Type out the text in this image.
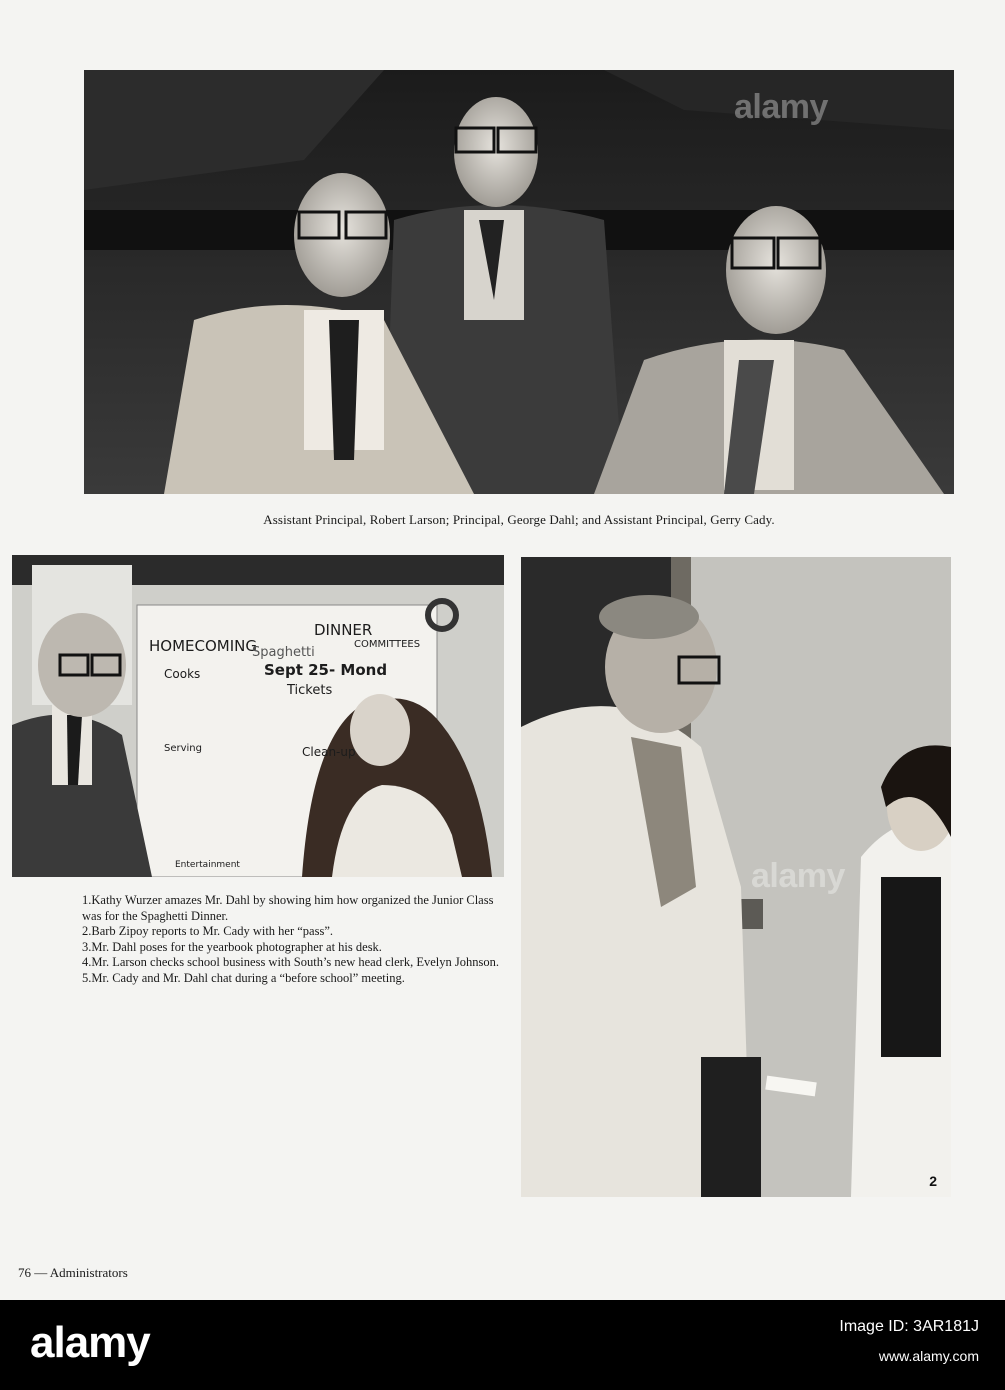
alamy
Assistant Principal, Robert Larson; Principal, George Dahl; and Assistant Principal, Gerry Cady.
HOMECOMING
DINNER
Spaghetti
COMMITTEES
Sept 25- Mond
Cooks
Tickets
Serving	Clean-up
Entertainment
1.Kathy Wurzer amazes Mr. Dahl by showing him how organized the Junior Class was for the Spaghetti Dinner.
2.Barb Zipoy reports to Mr. Cady with her “pass”.
3.Mr. Dahl poses for the yearbook photographer at his desk.
4.Mr. Larson checks school business with South’s new head clerk, Evelyn Johnson.
5.Mr. Cady and Mr. Dahl chat during a “before school” meeting.
alamy
2
76 — Administrators
alamy	Image ID: 3AR181J
www.alamy.com
